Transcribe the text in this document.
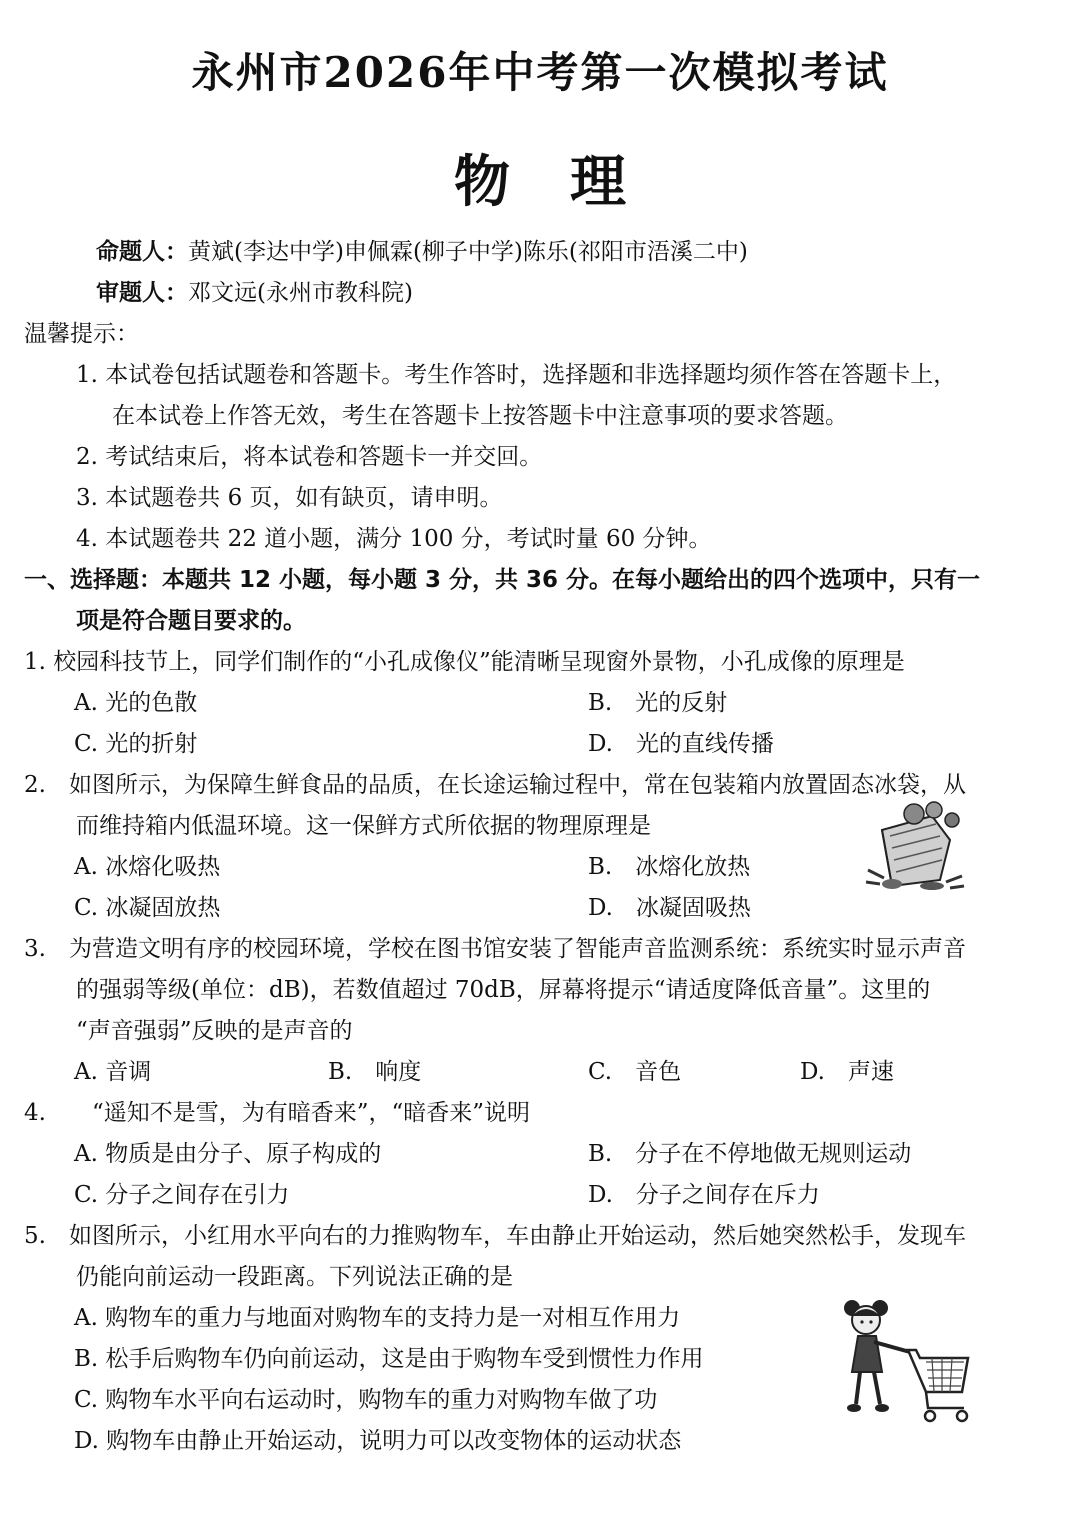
永州市2026年中考第一次模拟考试
物理
命题人：黄斌(李达中学)申佩霖(柳子中学)陈乐(祁阳市浯溪二中)
审题人：邓文远(永州市教科院)
温馨提示：
1. 本试卷包括试题卷和答题卡。考生作答时，选择题和非选择题均须作答在答题卡上，
在本试卷上作答无效，考生在答题卡上按答题卡中注意事项的要求答题。
2. 考试结束后，将本试卷和答题卡一并交回。
3. 本试题卷共 6 页，如有缺页，请申明。
4. 本试题卷共 22 道小题，满分 100 分，考试时量 60 分钟。
一、选择题：本题共 12 小题，每小题 3 分，共 36 分。在每小题给出的四个选项中，只有一
项是符合题目要求的。
1. 校园科技节上，同学们制作的“小孔成像仪”能清晰呈现窗外景物，小孔成像的原理是
A. 光的色散	B.　光的反射
C. 光的折射	D.　光的直线传播
2.　如图所示，为保障生鲜食品的品质，在长途运输过程中，常在包装箱内放置固态冰袋，从
而维持箱内低温环境。这一保鲜方式所依据的物理原理是
A. 冰熔化吸热	B.　冰熔化放热
C. 冰凝固放热	D.　冰凝固吸热
3.　为营造文明有序的校园环境，学校在图书馆安装了智能声音监测系统：系统实时显示声音
的强弱等级(单位：dB)，若数值超过 70dB，屏幕将提示“请适度降低音量”。这里的
“声音强弱”反映的是声音的
A. 音调	B.　响度	C.　音色	D.　声速
4.　　“遥知不是雪，为有暗香来”，“暗香来”说明
A. 物质是由分子、原子构成的	B.　分子在不停地做无规则运动
C. 分子之间存在引力	D.　分子之间存在斥力
5.　如图所示，小红用水平向右的力推购物车，车由静止开始运动，然后她突然松手，发现车
仍能向前运动一段距离。下列说法正确的是
A. 购物车的重力与地面对购物车的支持力是一对相互作用力
B. 松手后购物车仍向前运动，这是由于购物车受到惯性力作用
C. 购物车水平向右运动时，购物车的重力对购物车做了功
D. 购物车由静止开始运动，说明力可以改变物体的运动状态
